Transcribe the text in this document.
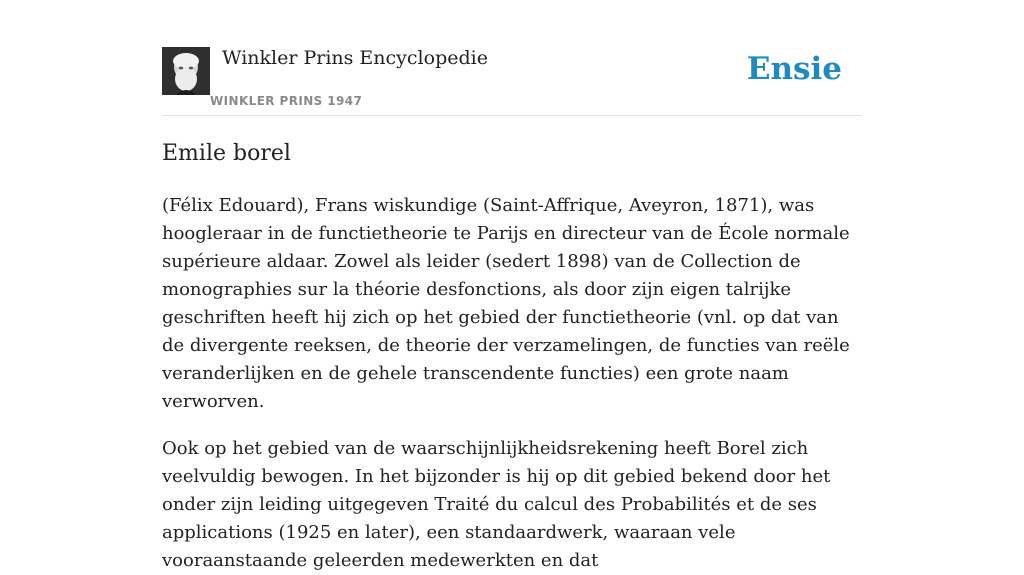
Winkler Prins Encyclopedie
WINKLER PRINS 1947
Ensie
Emile borel

(Félix Edouard), Frans wiskundige (Saint-Affrique, Aveyron, 1871), was hoogleraar in de functietheorie te Parijs en directeur van de École normale supérieure aldaar. Zowel als leider (sedert 1898) van de Collection de monographies sur la théorie desfonctions, als door zijn eigen talrijke geschriften heeft hij zich op het gebied der functietheorie (vnl. op dat van de divergente reeksen, de theorie der verzamelingen, de functies van reële veranderlijken en de gehele transcendente functies) een grote naam verworven.

Ook op het gebied van de waarschijnlijkheidsrekening heeft Borel zich veelvuldig bewogen. In het bijzonder is hij op dit gebied bekend door het onder zijn leiding uitgegeven Traité du calcul des Probabilités et de ses applications (1925 en later), een standaardwerk, waaraan vele vooraanstaande geleerden medewerkten en dat
